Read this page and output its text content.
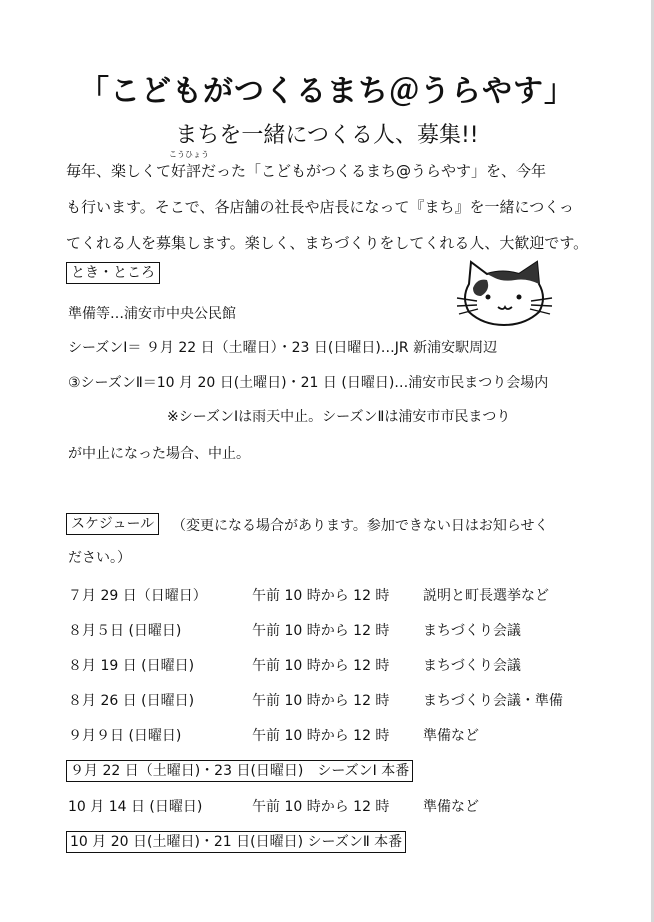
「こどもがつくるまち＠うらやす」
まちを一緒につくる人、募集!!
毎年、楽しくて
こうひょう
好評だった「こどもがつくるまち@うらやす」を、今年
も行います。そこで、各店舗の社長や店長になって『まち』を一緒につくっ
てくれる人を募集します。楽しく、まちづくりをしてくれる人、大歓迎です。
とき・ところ
準備等…浦安市中央公民館
シーズンⅠ＝ ９月 22 日（土曜日）・23 日(日曜日)…JR 新浦安駅周辺
③シーズンⅡ＝10 月 20 日(土曜日)・21 日 (日曜日)…浦安市民まつり会場内
※シーズンⅠは雨天中止。シーズンⅡは浦安市市民まつり
が中止になった場合、中止。
スケジュール	（変更になる場合があります。参加できない日はお知らせく
ださい。）
７月 29 日（日曜日）	午前 10 時から 12 時 説明と町長選挙など
８月５日 (日曜日)	午前 10 時から 12 時 まちづくり会議
８月 19 日 (日曜日)	午前 10 時から 12 時 まちづくり会議
８月 26 日 (日曜日)	午前 10 時から 12 時 まちづくり会議・準備
９月９日 (日曜日)	午前 10 時から 12 時 準備など
９月 22 日（土曜日)・23 日(日曜日)　シーズンⅠ 本番
10 月 14 日 (日曜日)	午前 10 時から 12 時 準備など
10 月 20 日(土曜日)・21 日(日曜日) シーズンⅡ 本番
